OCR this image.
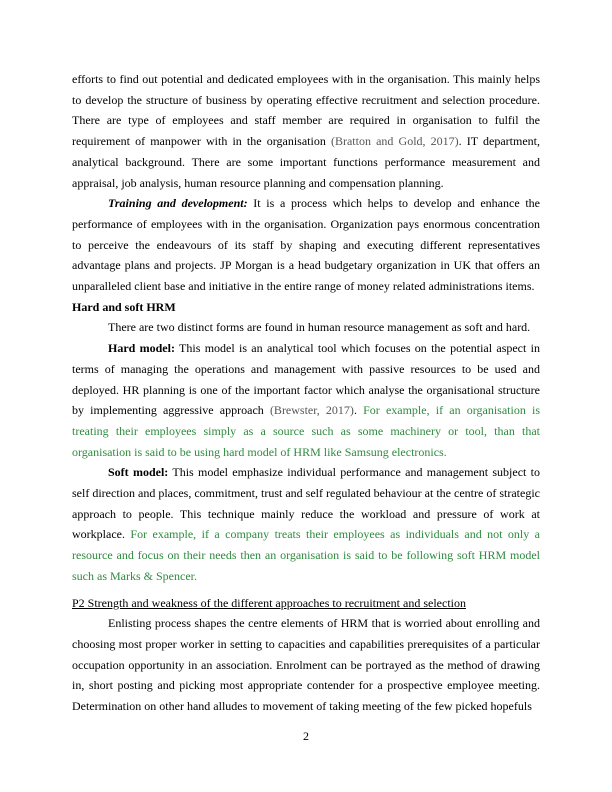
efforts to find out potential and dedicated employees with in the organisation. This mainly helps to develop the structure of business by operating effective recruitment and selection procedure. There are type of employees and staff member are required in organisation to fulfil the requirement of manpower with in the organisation (Bratton and Gold, 2017). IT department, analytical background. There are some important functions performance measurement and appraisal, job analysis, human resource planning and compensation planning.

Training and development: It is a process which helps to develop and enhance the performance of employees with in the organisation. Organization pays enormous concentration to perceive the endeavours of its staff by shaping and executing different representatives advantage plans and projects. JP Morgan is a head budgetary organization in UK that offers an unparalleled client base and initiative in the entire range of money related administrations items.

Hard and soft HRM

There are two distinct forms are found in human resource management as soft and hard.

Hard model: This model is an analytical tool which focuses on the potential aspect in terms of managing the operations and management with passive resources to be used and deployed. HR planning is one of the important factor which analyse the organisational structure by implementing aggressive approach (Brewster, 2017). For example, if an organisation is treating their employees simply as a source such as some machinery or tool, than that organisation is said to be using hard model of HRM like Samsung electronics.

Soft model: This model emphasize individual performance and management subject to self direction and places, commitment, trust and self regulated behaviour at the centre of strategic approach to people. This technique mainly reduce the workload and pressure of work at workplace. For example, if a company treats their employees as individuals and not only a resource and focus on their needs then an organisation is said to be following soft HRM model such as Marks & Spencer.

P2 Strength and weakness of the different approaches to recruitment and selection

Enlisting process shapes the centre elements of HRM that is worried about enrolling and choosing most proper worker in setting to capacities and capabilities prerequisites of a particular occupation opportunity in an association. Enrolment can be portrayed as the method of drawing in, short posting and picking most appropriate contender for a prospective employee meeting. Determination on other hand alludes to movement of taking meeting of the few picked hopefuls

2
